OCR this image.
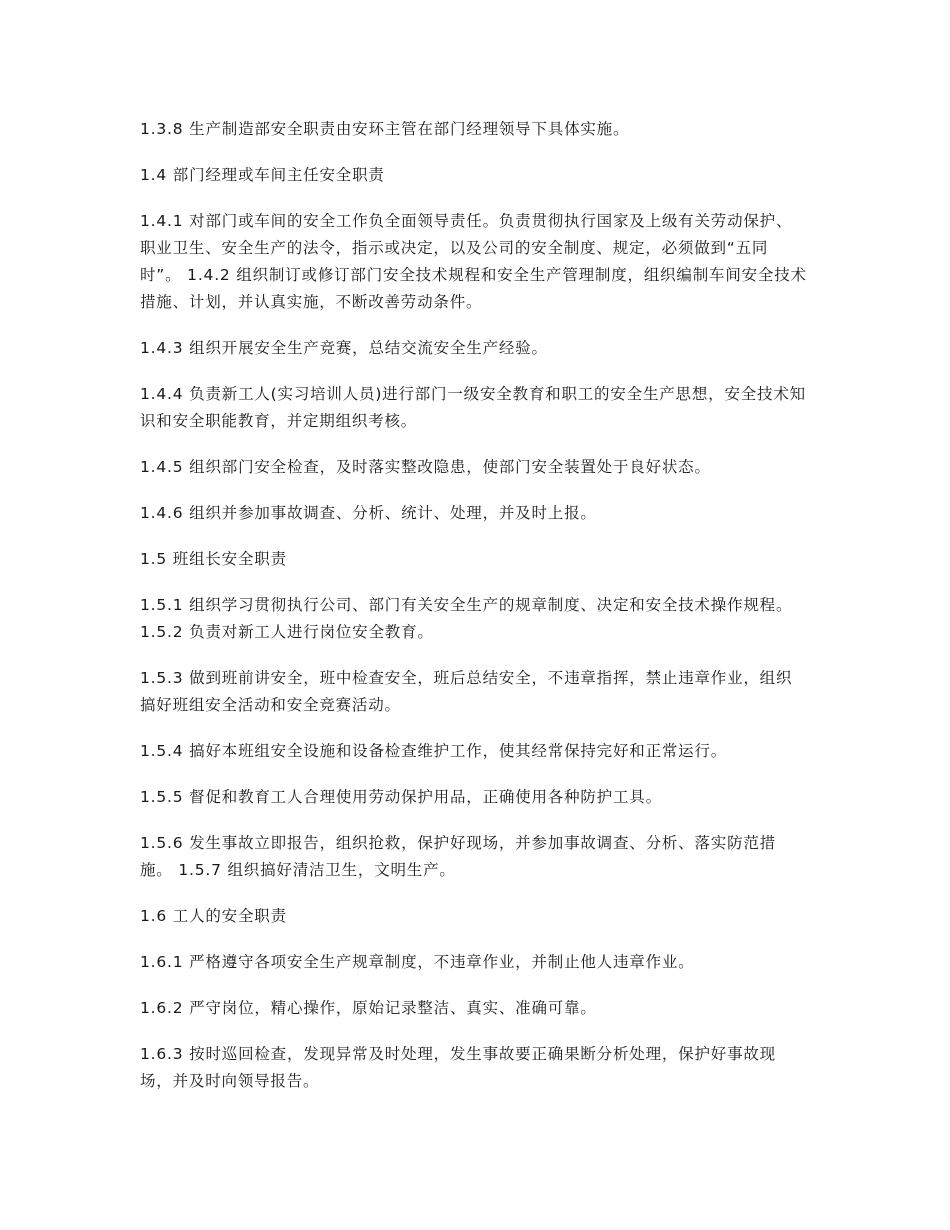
1.3.8 生产制造部安全职责由安环主管在部门经理领导下具体实施。

1.4 部门经理或车间主任安全职责

1.4.1 对部门或车间的安全工作负全面领导责任。负责贯彻执行国家及上级有关劳动保护、职业卫生、安全生产的法令，指示或决定，以及公司的安全制度、规定，必须做到“五同时”。 1.4.2 组织制订或修订部门安全技术规程和安全生产管理制度，组织编制车间安全技术措施、计划，并认真实施，不断改善劳动条件。

1.4.3 组织开展安全生产竞赛，总结交流安全生产经验。

1.4.4 负责新工人(实习培训人员)进行部门一级安全教育和职工的安全生产思想，安全技术知识和安全职能教育，并定期组织考核。

1.4.5 组织部门安全检查，及时落实整改隐患，使部门安全装置处于良好状态。

1.4.6 组织并参加事故调查、分析、统计、处理，并及时上报。

1.5 班组长安全职责

1.5.1 组织学习贯彻执行公司、部门有关安全生产的规章制度、决定和安全技术操作规程。 1.5.2 负责对新工人进行岗位安全教育。

1.5.3 做到班前讲安全，班中检查安全，班后总结安全，不违章指挥，禁止违章作业，组织搞好班组安全活动和安全竞赛活动。

1.5.4 搞好本班组安全设施和设备检查维护工作，使其经常保持完好和正常运行。

1.5.5 督促和教育工人合理使用劳动保护用品，正确使用各种防护工具。

1.5.6 发生事故立即报告，组织抢救，保护好现场，并参加事故调查、分析、落实防范措施。 1.5.7 组织搞好清洁卫生，文明生产。

1.6 工人的安全职责

1.6.1 严格遵守各项安全生产规章制度，不违章作业，并制止他人违章作业。

1.6.2 严守岗位，精心操作，原始记录整洁、真实、准确可靠。

1.6.3 按时巡回检查，发现异常及时处理，发生事故要正确果断分析处理，保护好事故现场，并及时向领导报告。
